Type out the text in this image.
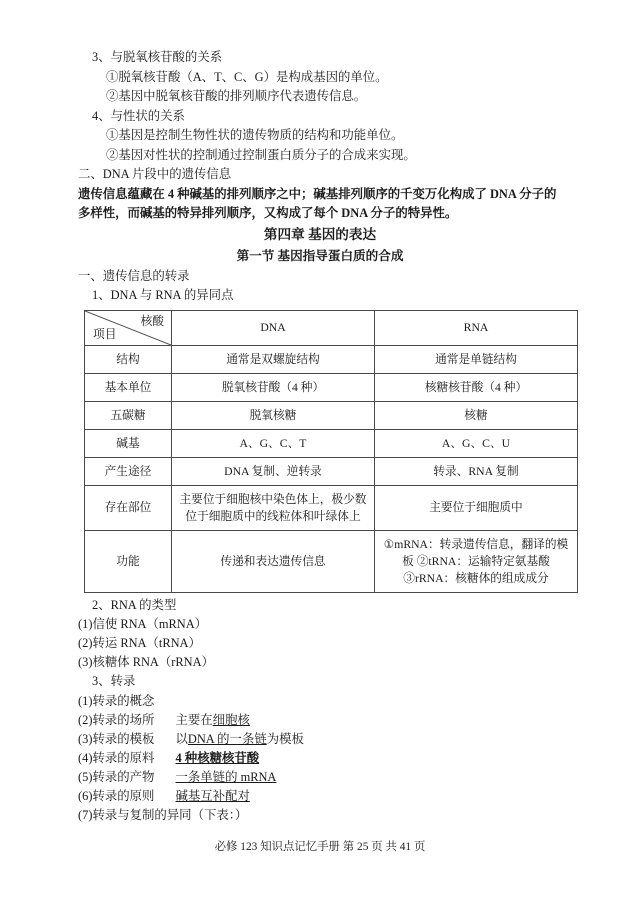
3、与脱氧核苷酸的关系
①脱氧核苷酸（A、T、C、G）是构成基因的单位。
②基因中脱氧核苷酸的排列顺序代表遗传信息。
4、与性状的关系
①基因是控制生物性状的遗传物质的结构和功能单位。
②基因对性状的控制通过控制蛋白质分子的合成来实现。
二、DNA 片段中的遗传信息
遗传信息蕴藏在 4 种碱基的排列顺序之中；碱基排列顺序的千变万化构成了 DNA 分子的多样性，而碱基的特异排列顺序，又构成了每个 DNA 分子的特异性。
第四章 基因的表达
第一节 基因指导蛋白质的合成
一、遗传信息的转录
1、DNA 与 RNA 的异同点
核酸
项目	DNA	RNA
结构	通常是双螺旋结构	通常是单链结构
基本单位	脱氧核苷酸（4 种）	核糖核苷酸（4 种）
五碳糖	脱氧核糖	核糖
碱基	A、G、C、T	A、G、C、U
产生途径	DNA 复制、逆转录	转录、RNA 复制
存在部位	主要位于细胞核中染色体上，极少数位于细胞质中的线粒体和叶绿体上	主要位于细胞质中
功能	传递和表达遗传信息	①mRNA：转录遗传信息，翻译的模板 ②tRNA：运输特定氨基酸 ③rRNA：核糖体的组成成分
2、RNA 的类型
(1)信使 RNA（mRNA）
(2)转运 RNA（tRNA）
(3)核糖体 RNA（rRNA）
3、转录
(1)转录的概念
(2)转录的场所 主要在细胞核
(3)转录的模板 以DNA 的一条链为模板
(4)转录的原料 4 种核糖核苷酸
(5)转录的产物 一条单链的 mRNA
(6)转录的原则 碱基互补配对
(7)转录与复制的异同（下表：）
必修 123 知识点记忆手册 第 25 页 共 41 页
